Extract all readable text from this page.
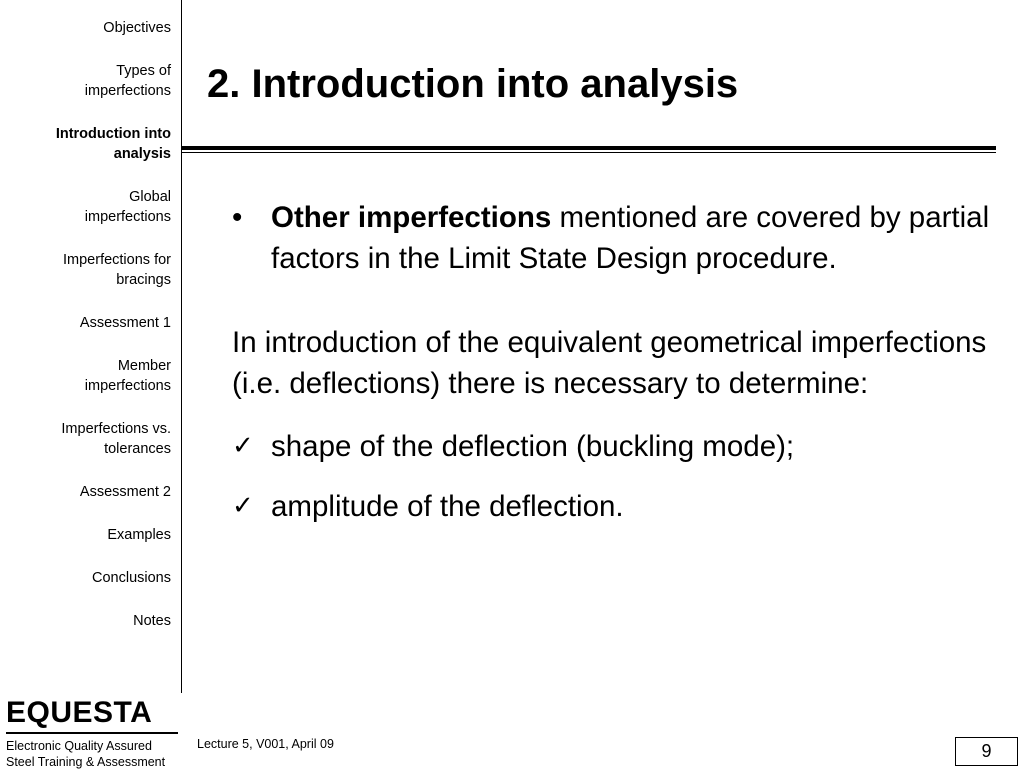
Objectives
Types of
imperfections
Introduction into
analysis
Global
imperfections
Imperfections for
bracings
Assessment 1
Member
imperfections
Imperfections vs.
tolerances
Assessment 2
Examples
Conclusions
Notes
EQUESTA
Electronic Quality Assured
Steel Training & Assessment
2. Introduction into analysis
• Other imperfections mentioned are covered by partial factors in the Limit State Design procedure.
In introduction of the equivalent geometrical imperfections (i.e. deflections) there is necessary to determine:
✓ shape of the deflection (buckling mode);
✓ amplitude of the deflection.
Lecture 5, V001, April 09	9
